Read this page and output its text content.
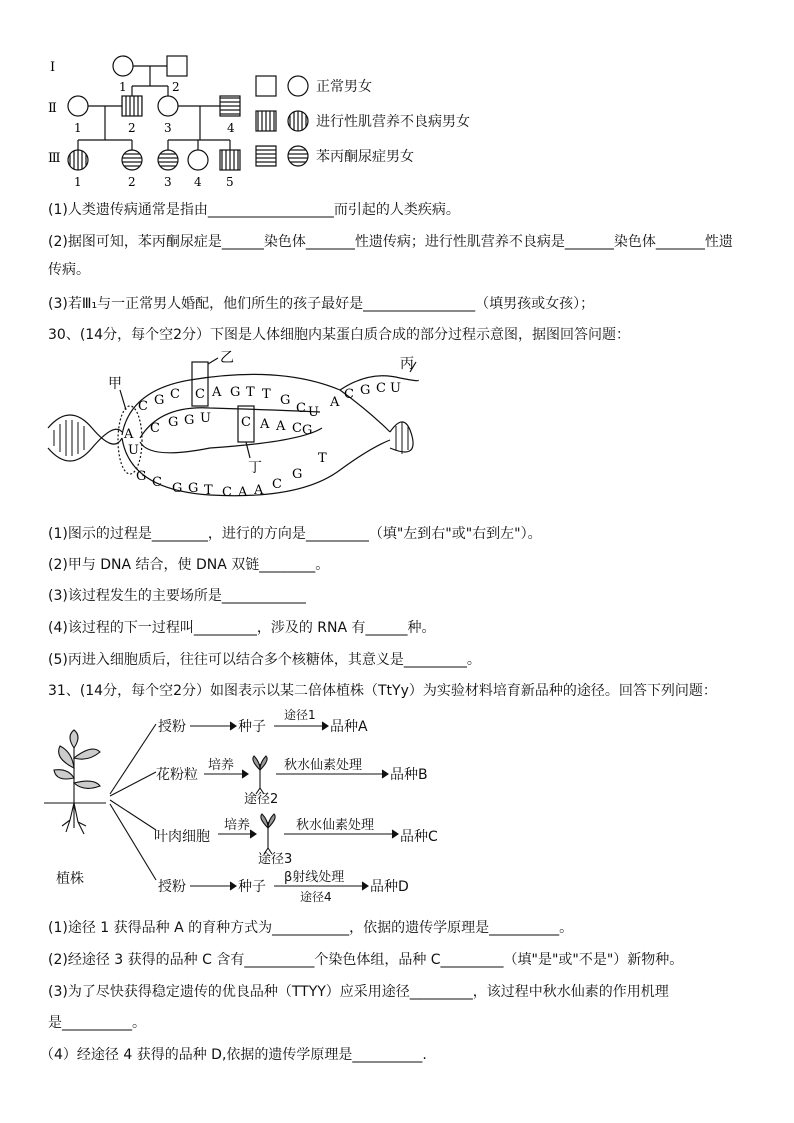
Ⅰ
Ⅱ
Ⅲ
1	2
1	2 3	4
1	2 3 4 5
正常男女
进行性肌营养不良病男女
苯丙酮尿症男女
(1)人类遗传病通常是指由__________________而引起的人类疾病。
(2)据图可知，苯丙酮尿症是______染色体_______性遗传病；进行性肌营养不良病是_______染色体_______性遗
传病。
(3)若Ⅲ₁与一正常男人婚配，他们所生的孩子最好是________________（填男孩或女孩）；
30、(14分，每个空2分）下图是人体细胞内某蛋白质合成的部分过程示意图，据图回答问题：
甲
乙	丙
丁
C G C C A G T T G
C
C G G U C A A C G
G C G G T C A A C
G
T
U
A
C G C U
A
U
(1)图示的过程是________，进行的方向是_________（填"左到右"或"右到左"）。
(2)甲与 DNA 结合，使 DNA 双链________。
(3)该过程发生的主要场所是____________
(4)该过程的下一过程叫_________，涉及的 RNA 有______种。
(5)丙进入细胞质后，往往可以结合多个核糖体，其意义是_________。
31、(14分，每个空2分）如图表示以某二倍体植株（TtYy）为实验材料培育新品种的途径。回答下列问题：
植株
授粉	种子
途径1
品种A
花粉粒
培养	秋水仙素处理
品种B
途径2
叶肉细胞
培养	秋水仙素处理
品种C
途径3
授粉	种子
β射线处理
途径4
品种D
(1)途径 1 获得品种 A 的育种方式为___________，依据的遗传学原理是__________。
(2)经途径 3 获得的品种 C 含有__________个染色体组，品种 C_________（填"是"或"不是"）新物种。
(3)为了尽快获得稳定遗传的优良品种（TTYY）应采用途径_________，该过程中秋水仙素的作用机理
是__________。
（4）经途径 4 获得的品种 D,依据的遗传学原理是__________.
